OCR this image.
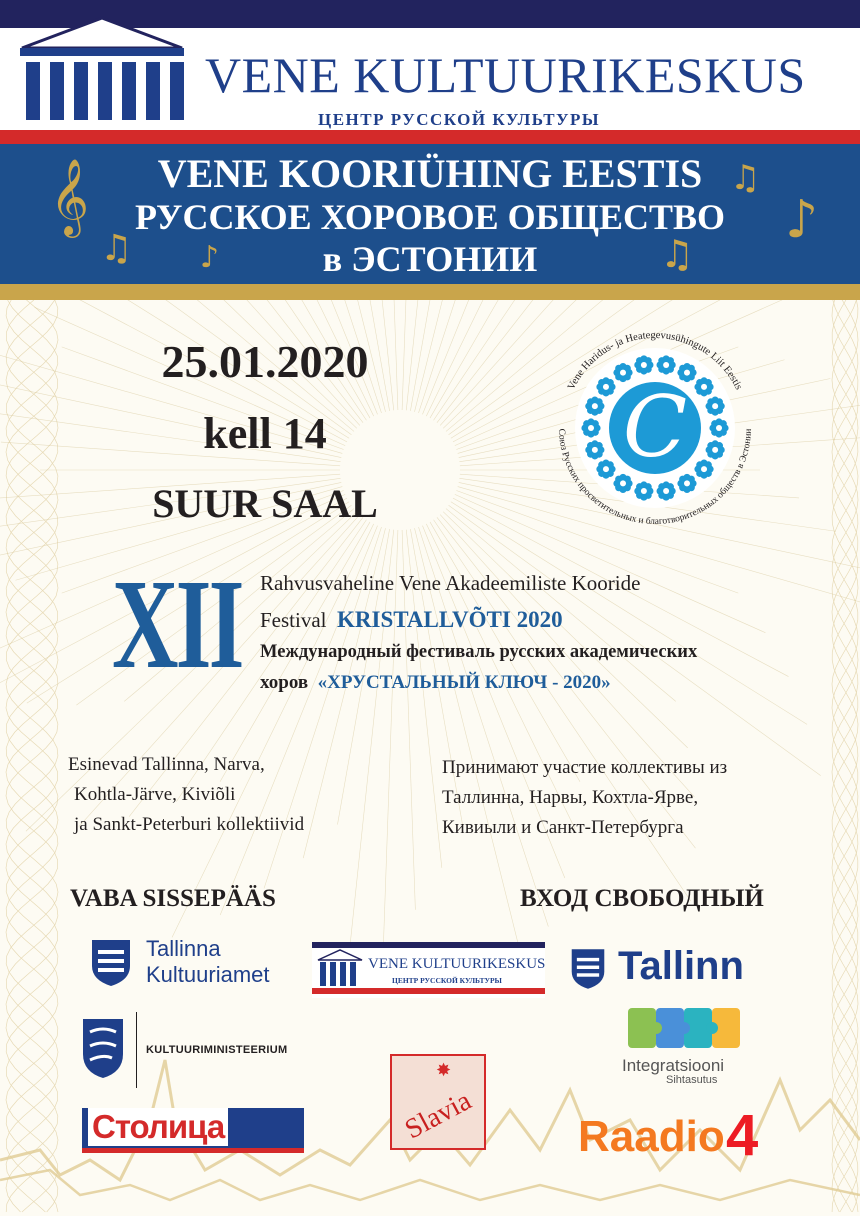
VENE KULTUURIKESKUS
ЦЕНТР РУССКОЙ КУЛЬТУРЫ
VENE KOORIÜHING EESTIS
РУССКОЕ ХОРОВОЕ ОБЩЕСТВО
в ЭСТОНИИ
𝄞
♫ ♪
♫
♪
♫
25.01.2020
kell 14
SUUR SAAL
С
Vene Haridus- ja Heategevusühingute Liit Eestis
Союз Русских просветительных и благотворительных обществ в Эстонии
XII Rahvusvaheline Vene Akadeemiliste Kooride
Festival KRISTALLVÕTI 2020
Международный фестиваль русских академических
хоров «ХРУСТАЛЬНЫЙ КЛЮЧ - 2020»
Esinevad Tallinna, Narva,
Kohtla-Järve, Kiviõli
ja Sankt-Peterburi kollektiivid
Принимают участие коллективы из
Таллинна, Нарвы, Кохтла-Ярве,
Кивиыли и Санкт-Петербурга
VABA SISSEPÄÄS	ВХОД СВОБОДНЫЙ
Tallinna
Kultuuriamet	VENE KULTUURIKESKUS
ЦЕНТР РУССКОЙ КУЛЬТУРЫ	Tallinn
KULTUURIMINISTEERIUM
✸
Slavia
Integratsiooni
Sihtasutus
Столица	Raadio 4
